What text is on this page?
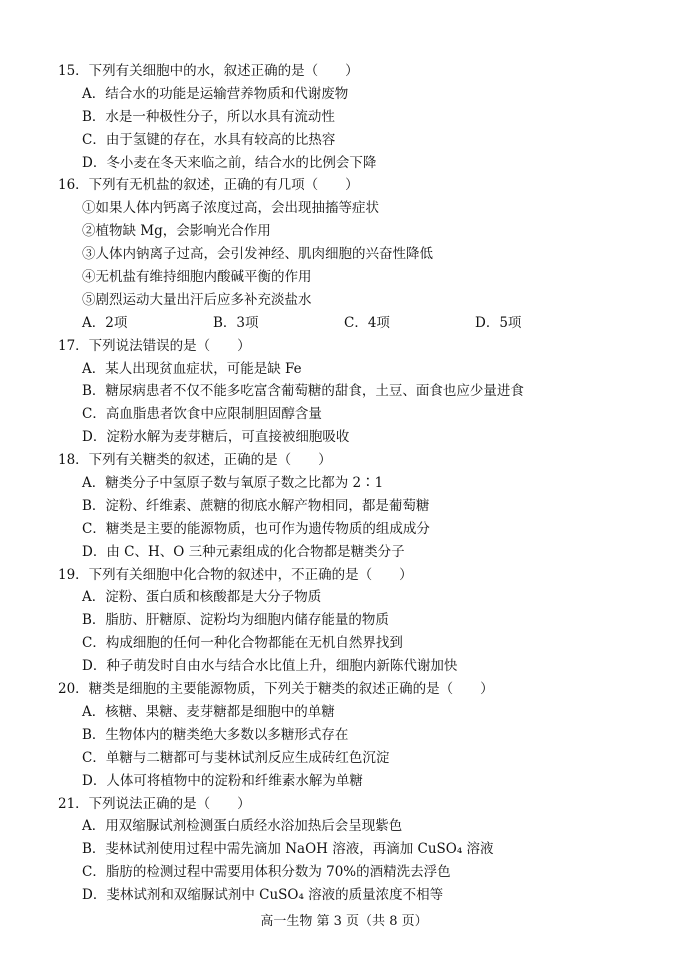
15．下列有关细胞中的水，叙述正确的是（　　）
A．结合水的功能是运输营养物质和代谢废物
B．水是一种极性分子，所以水具有流动性
C．由于氢键的存在，水具有较高的比热容
D．冬小麦在冬天来临之前，结合水的比例会下降
16．下列有无机盐的叙述，正确的有几项（　　）
①如果人体内钙离子浓度过高，会出现抽搐等症状
②植物缺 Mg，会影响光合作用
③人体内钠离子过高，会引发神经、肌肉细胞的兴奋性降低
④无机盐有维持细胞内酸碱平衡的作用
⑤剧烈运动大量出汗后应多补充淡盐水
A．2项	B．3项	C．4项	D．5项
17．下列说法错误的是（　　）
A．某人出现贫血症状，可能是缺 Fe
B．糖尿病患者不仅不能多吃富含葡萄糖的甜食，土豆、面食也应少量进食
C．高血脂患者饮食中应限制胆固醇含量
D．淀粉水解为麦芽糖后，可直接被细胞吸收
18．下列有关糖类的叙述，正确的是（　　）
A．糖类分子中氢原子数与氧原子数之比都为 2∶1
B．淀粉、纤维素、蔗糖的彻底水解产物相同，都是葡萄糖
C．糖类是主要的能源物质，也可作为遗传物质的组成成分
D．由 C、H、O 三种元素组成的化合物都是糖类分子
19．下列有关细胞中化合物的叙述中，不正确的是（　　）
A．淀粉、蛋白质和核酸都是大分子物质
B．脂肪、肝糖原、淀粉均为细胞内储存能量的物质
C．构成细胞的任何一种化合物都能在无机自然界找到
D．种子萌发时自由水与结合水比值上升，细胞内新陈代谢加快
20．糖类是细胞的主要能源物质，下列关于糖类的叙述正确的是（　　）
A．核糖、果糖、麦芽糖都是细胞中的单糖
B．生物体内的糖类绝大多数以多糖形式存在
C．单糖与二糖都可与斐林试剂反应生成砖红色沉淀
D．人体可将植物中的淀粉和纤维素水解为单糖
21．下列说法正确的是（　　）
A．用双缩脲试剂检测蛋白质经水浴加热后会呈现紫色
B．斐林试剂使用过程中需先滴加 NaOH 溶液，再滴加 CuSO₄ 溶液
C．脂肪的检测过程中需要用体积分数为 70%的酒精洗去浮色
D．斐林试剂和双缩脲试剂中 CuSO₄ 溶液的质量浓度不相等
高一生物 第 3 页（共 8 页）
